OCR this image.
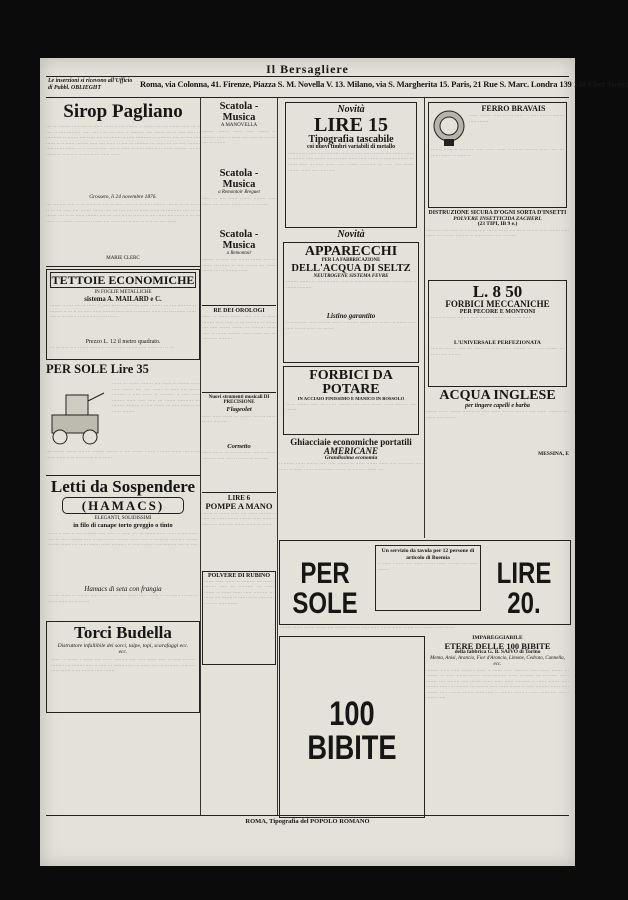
Il Bersagliere
Le inserzioni si ricevono all'Ufficio di Pubbl. OBLIEGHT	Roma, via Colonna, 41. Firenze, Piazza S. M. Novella V. 13. Milano, via S. Margherita 15. Paris, 21 Rue S. Marc. Londra 139 140 Fleet Street
Sirop Pagliano
···· ·· ········ ····· ···· ·· ···· · ······ ·· ···· ······· ·· ······ · ··· ··· ······· ····· ··· ·· ···· ·· ···· ········· ····· ···· · ··· ··· ····· ·· ········· ···· ······· ··· ·· ····· ····· ·· ·········· ·· ······· ···· ····· ···· ··· ······· ·· ····· ·········· ·· ········· ···· ··· ···· ···· ······ ·· ·· ······ ········ ····· ···· ······ ·· ···· ··· ········· ··· ····· ···· ··· ····· ········ ····· ·· ··· ······· ·· ·· ········ ····· ···· ·· ····· ··· ····· ····· ·· ········· ········ ···· ··· ·········· ·· ······· ·· ······· ··· ······ ······
Grosseto, li 24 novembre 1876.
···· ········ ····· ·· ··· ······ ··· ···· ·· ······ ····· ·· ··· ····· ········ ···· ·· ··· ··· ······ ·· ··· ··· ····· ···· ······· ······· ···· ··· ···· ···· ·· ······ ······ ·· ·········· ···· ··· ·· ······· ···· ·· ··· ······ ········ ···· ··· ····· ·· ···· ······· ·· ···· ······ ···· ······ ·· ··· ··· ······ ··· ······· ········· ·· ······ ···· ······ ···· ·· ····· ·· ·· ······ ···· ······
MARIE CLERC
TETTOIE ECONOMICHE
IN FOGLIE METALLICHE
sistema A. MAILARD e C.
······· ·· ···· ···· ·· ······ ·· ····· ····· ·· ········· ····· ········ ··· ···· ········· ·· ········ ·· ··· ·· ··· ····· ······ ········ ····· ····· ·· ········ ······ ···· ··· ······· ······ ···· ·· ··· ········· ·· ······ ·· ···· ·······
Prezzo L. 12 il metro quadrato.
··· ··· ····· ············ ········· ········ ····· ······· ····· ······ ···· ·· ···
PER SOLE Lire 35
······ ··· ······· ········ ···· ······ ·· ········ ······ ····· ······· ···· ···· ······ ·· ····· ···· ······· ········· · ····· ······ ·· ········· ·· ····· ····· ········ ······ ····· ····· ··· ······· ·········· ··· ········ ········· ·· ····· ······· ··· ····· ······ ·· ··· ······ ········
···· ······· ······· ···· ··· ········ ········ ·· ···· ······· ······· · ······ ······· ···· ·· ··· ······ ······ ····· ········ ··· ·· ·· ······
Letti da Sospendere
(HAMACS)
ELEGANTI, SOLIDISSIMI
in filo di canape torto greggio o tinto
······ ·· ····· ·· ···· ········· ····· ······ ·· ······ ···· ··· ······· ······ ······ ·· ···· ······ ···· ··· ····· ········ ····· ·· ···· ······· ········ ······ ····· ·· ·········· ····· ·· · ········ ········ ······ ···· ······ ······· ······ ········ · ·· ······ ······· ····· ········· ···· ··· ····
Hamacs di seta con frangia
········ ······ ·· ····· ··· ····· ······· ····· ···· ······· ····· ······· ·· ···· ········· ····· ·· ······ ······ ··· ·· ·······
Torci Budella
Distruttore infallibile dei sorci, talpe, topi, scarafaggi ecc. ecc.
······ ·· ······· · ······ ···· ······ ········· ···· ····· ······ ····· ·· ····· ········ ······· · ··· ········ ····· ·· ····· ··· ······· ······ ·· ······ ····· ·· ········· ····· ···· ······ ······ ·· ··· ········ ····· ·······
Scatola - Musica
A MANOVELLA
········ ······· ······ ····· ······· ·· ········· ······ ·· ······ ···· ····· ··· ········ ···· ··· ·······
Scatola - Musica
a Remontoir Breguet
······ ·· ···· ······ ······· ········ ····· ······ ···· ······· ······· ····· ·· ········
Scatola - Musica
a Remontoir
········ ·· ····· ···· ······· ······· ····· ·· ······ ·········· ·· ···· ······· ··· ······ ······· ···· ·· ········ ······
RE DEI OROLOGI
······ ·· ······· ······· ····· ···· ·· ······ ········ ····· ······ ·· ··· ········· ·· ······· ···· ····· ······· ······· ··· ········· ······ ····· ·· ······· ········ ······ ······ ···· ··· ·········· ·········
Nuovi strumenti musicali DI PRECISIONE
Flageolet
······ ······ ······ ··· ········ ········ ······ ·· ···· ····· ···
Cornetto
······ ······· ·· ········ ······ ···· ·· ······· ········· ····· ······ ·· ····· ··· ·········
LIRE 6
POMPE A MANO
······· ·· ······· ····· ···· ······ ········ ·· ····· ··· ······ ······· ········ ····· ······ ·· ·········· ····· ···· ······· ······ ··· ······
POLVERE DI RUBINO
······ ····· ······ ·· ········ ··· ······· ········ ····· ··· ·········· ··· ······ ······· ·· ······ ······ ····· ········· ··· ······ ···· ······· ·· ······ ······ ·········· ·· ······ ····· ·······
Novità
LIRE 15
Tipografia tascabile
coi nuovi timbri variabili di metallo
··········· · ····· ···· ·········· ····· ·· ····· ····· ········ ···· ······· ······ ·· ········ ····· ······· ···· ·· ······ ······ ····· ······· ·· ········ ······· ··· ······ ····· ········· ······ ····· ······· ·········· ··· ····· ···· ······· ········ ······ ····· ····· ····
Novità
APPARECCHI
PER LA FABBRICAZIONE
DELL'ACQUA DI SELTZ
NEUTROGENE SISTEMA FEVRE
········ ······· ··· ········ ····· ······ ·· ······ ········· ······· ····· ······· ·· ······· ·········
Listino garantito
·· ······· ··· ······ ········ ······ ·· ········ ······· ···· ········ ·· ······· ····· ····· ······· ······ ··· ·······
FORBICI DA POTARE
IN ACCIAIO FINISSIMO E MANICO IN BOSSOLO
······ ······· ····· ··· ······ ········ ···· ····· ······· ······ ········ ···· ·······
Ghiacciaie economiche portatili
AMERICANE
Grandissima economia
·· ······· ······ ········ ···· ····· ········ ·· ······ ······· ······ ····· ·········· ····· ······ ·· ······ ······ ······· ······ ······ ··· ········ ······· ····
FERRO BRAVAIS
······ ········ ····· ······· ······ ·· ····· ········ ······· ····· ·······
······· ······ ·· ·········· ····· ······ ······ ·· ······· ········ ······ ····· ··· ······ ······· ·· ·········
DISTRUZIONE SICURA D'OGNI SORTA D'INSETTI
POLVERE INSETTICIDA ZACHERL
(23 TIPI, IB 9 e.)
········· ····· ······ ·· ········ ····· ······· ······ ···· ······ ······· ······ ······· ····· ······ ··· ········ ········· ·· ······ ······ ···· ·········
L. 8 50
FORBICI MECCANICHE
PER PECORE E MONTONI
······· ·· ······ ········ ····· ······· ········· ··· ······ ······
L'UNIVERSALE PERFEZIONATA
········ ······· ····· ··· ·········· ······ ······ ········ ····· ····· ······· ··· ······ ···· ········
ACQUA INGLESE
per tingere capelli e barba
······· ······ ······· ········ ·· ····· ······ ······· ········ ···· ······ ········ ···· ······ ····· ·······
MESSINA, E
PER SOLE
Un servizio da tavola per 12 persone di articolo di Boemia
·· ····· ······· ···· ······ ······· ······ ········ ··· ······ ·······	LIRE 20.
········ ······ ······· ······· ···· ········ ········ ····· ······ ······· ······ ······· ···· ········ ····· ·······
100 BIBITE
IMPAREGGIABILE
ETERE DELLE 100 BIBITE
della fabbrica G. B. SAIVO di Torino
Menta, Anisi, Arancio, Fior d'Arancio, Limone, Cedrato, Cannella, ecc.
········ ······ ····· ········ ······ ·· ······ ····· ········· ····· ······ ······· ··· ········ ·· ······ ······· ······· ······ ········· ······ ·· ······ ··· ·········· ······ ······· ···· ········ ···· ······· ······ ····· ······ ········· ·· ······ ······· ····· ········ ······ ··· ········ ··· ········ ····· ······ ······· ·· ····· ········· ······ ····· ········ ····· ········ ······· ······ ····· ·· ········ ········· ······ ······ ···· ······· ······· ·····
ROMA, Tipografia del POPOLO ROMANO
